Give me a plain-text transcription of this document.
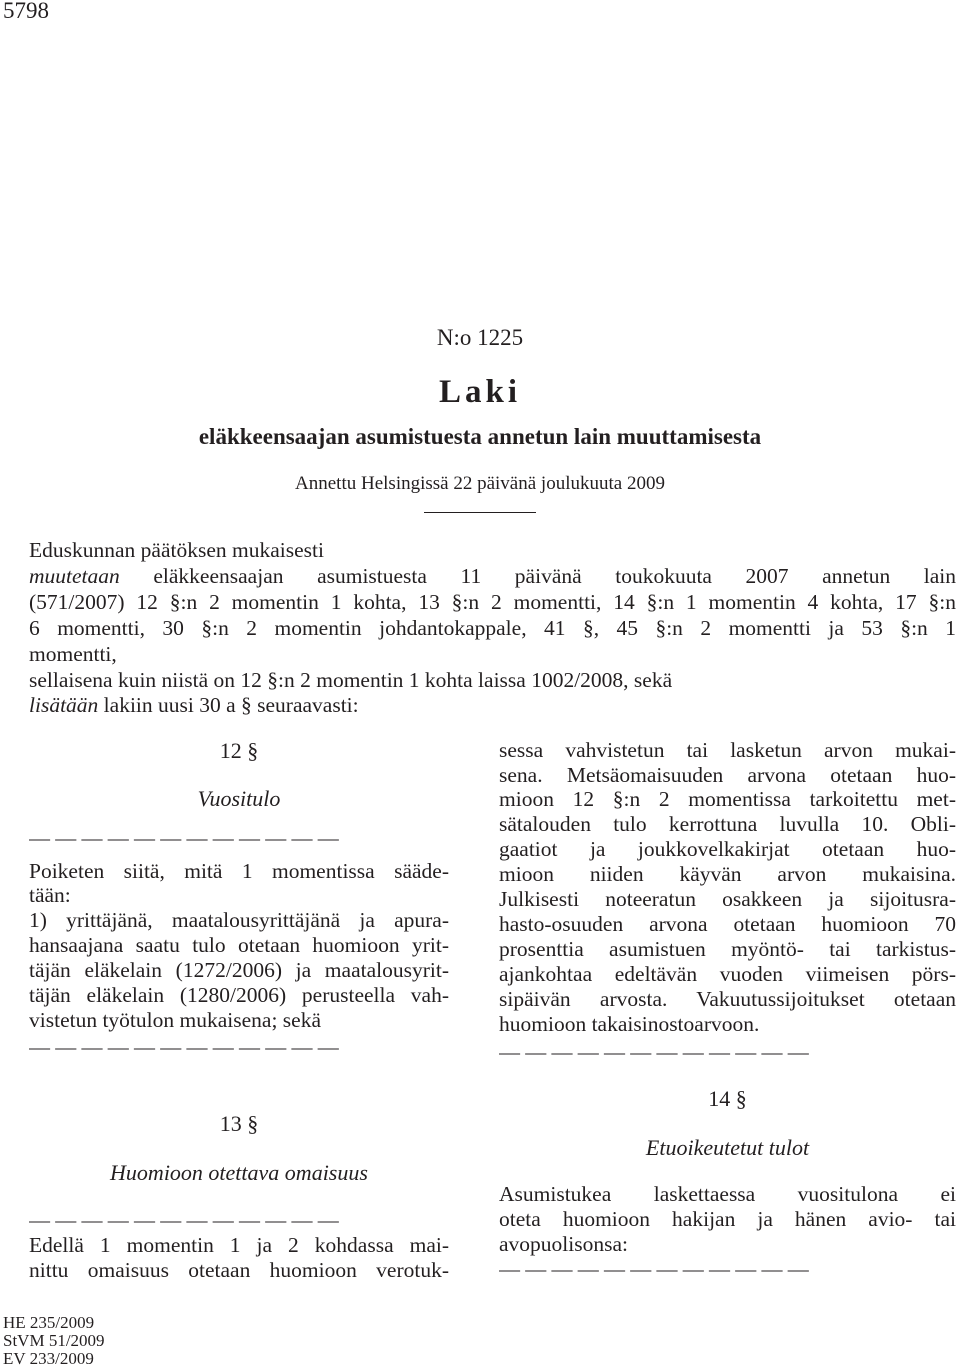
5798
N:o 1225
Laki
eläkkeensaajan asumistuesta annetun lain muuttamisesta
Annettu Helsingissä 22 päivänä joulukuuta 2009
Eduskunnan päätöksen mukaisesti
muutetaan eläkkeensaajan asumistuesta 11 päivänä toukokuuta 2007 annetun lain
(571/2007) 12 §:n 2 momentin 1 kohta, 13 §:n 2 momentti, 14 §:n 1 momentin 4 kohta, 17 §:n
6 momentti, 30 §:n 2 momentin johdantokappale, 41 §, 45 §:n 2 momentti ja 53 §:n 1
momentti,
sellaisena kuin niistä on 12 §:n 2 momentin 1 kohta laissa 1002/2008, sekä
lisätään lakiin uusi 30 a § seuraavasti:
12 §
Vuositulo
— — — — — — — — — — — —
Poiketen siitä, mitä 1 momentissa sääde-
tään:
1) yrittäjänä, maatalousyrittäjänä ja apura-
hansaajana saatu tulo otetaan huomioon yrit-
täjän eläkelain (1272/2006) ja maatalousyrit-
täjän eläkelain (1280/2006) perusteella vah-
vistetun työtulon mukaisena; sekä
— — — — — — — — — — — —
13 §
Huomioon otettava omaisuus
— — — — — — — — — — — —
Edellä 1 momentin 1 ja 2 kohdassa mai-
nittu omaisuus otetaan huomioon verotuk-
sessa vahvistetun tai lasketun arvon mukai-
sena. Metsäomaisuuden arvona otetaan huo-
mioon 12 §:n 2 momentissa tarkoitettu met-
sätalouden tulo kerrottuna luvulla 10. Obli-
gaatiot ja joukkovelkakirjat otetaan huo-
mioon niiden käyvän arvon mukaisina.
Julkisesti noteeratun osakkeen ja sijoitusra-
hasto-osuuden arvona otetaan huomioon 70
prosenttia asumistuen myöntö- tai tarkistus-
ajankohtaa edeltävän vuoden viimeisen pörs-
sipäivän arvosta. Vakuutussijoitukset otetaan
huomioon takaisinostoarvoon.
— — — — — — — — — — — —
14 §
Etuoikeutetut tulot
Asumistukea laskettaessa vuositulona ei
oteta huomioon hakijan ja hänen avio- tai
avopuolisonsa:
— — — — — — — — — — — —
HE 235/2009
StVM 51/2009
EV 233/2009
